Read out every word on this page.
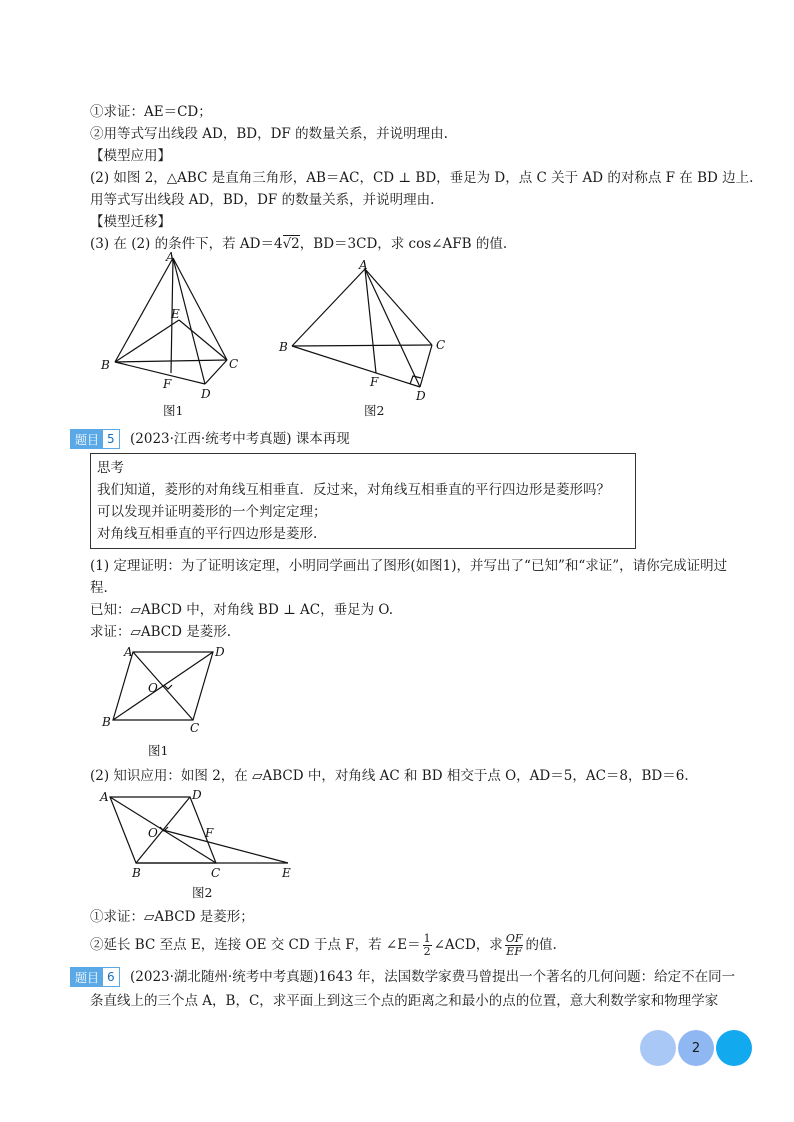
①求证：AE＝CD；
②用等式写出线段 AD，BD，DF 的数量关系，并说明理由.
【模型应用】
(2) 如图 2，△ABC 是直角三角形，AB＝AC，CD ⊥ BD，垂足为 D，点 C 关于 AD 的对称点 F 在 BD 边上.
用等式写出线段 AD，BD，DF 的数量关系，并说明理由.
【模型迁移】
(3) 在 (2) 的条件下，若 AD＝4√2，BD＝3CD，求 cos∠AFB 的值.
A
E
B	C
F
D
图1
A
B	C
F
D
图2
题目 5 (2023·江西·统考中考真题) 课本再现
思考
我们知道，菱形的对角线互相垂直．反过来，对角线互相垂直的平行四边形是菱形吗？
可以发现并证明菱形的一个判定定理；
对角线互相垂直的平行四边形是菱形.
(1) 定理证明：为了证明该定理，小明同学画出了图形(如图1)，并写出了“已知”和“求证”，请你完成证明过
程.
已知：▱ABCD 中，对角线 BD ⊥ AC，垂足为 O.
求证：▱ABCD 是菱形.
A	D
O
B	C
图1
(2) 知识应用：如图 2，在 ▱ABCD 中，对角线 AC 和 BD 相交于点 O，AD＝5，AC＝8，BD＝6.
A	D
O	F
B	C	E
图2
①求证：▱ABCD 是菱形；
②延长 BC 至点 E，连接 OE 交 CD 于点 F，若 ∠E＝ $\frac{1}{2}$ ∠ACD，求 $\frac{OF}{EF}$ 的值.
题目 6 (2023·湖北随州·统考中考真题)1643 年，法国数学家费马曾提出一个著名的几何问题：给定不在同一
条直线上的三个点 A，B，C，求平面上到这三个点的距离之和最小的点的位置，意大利数学家和物理学家
2
